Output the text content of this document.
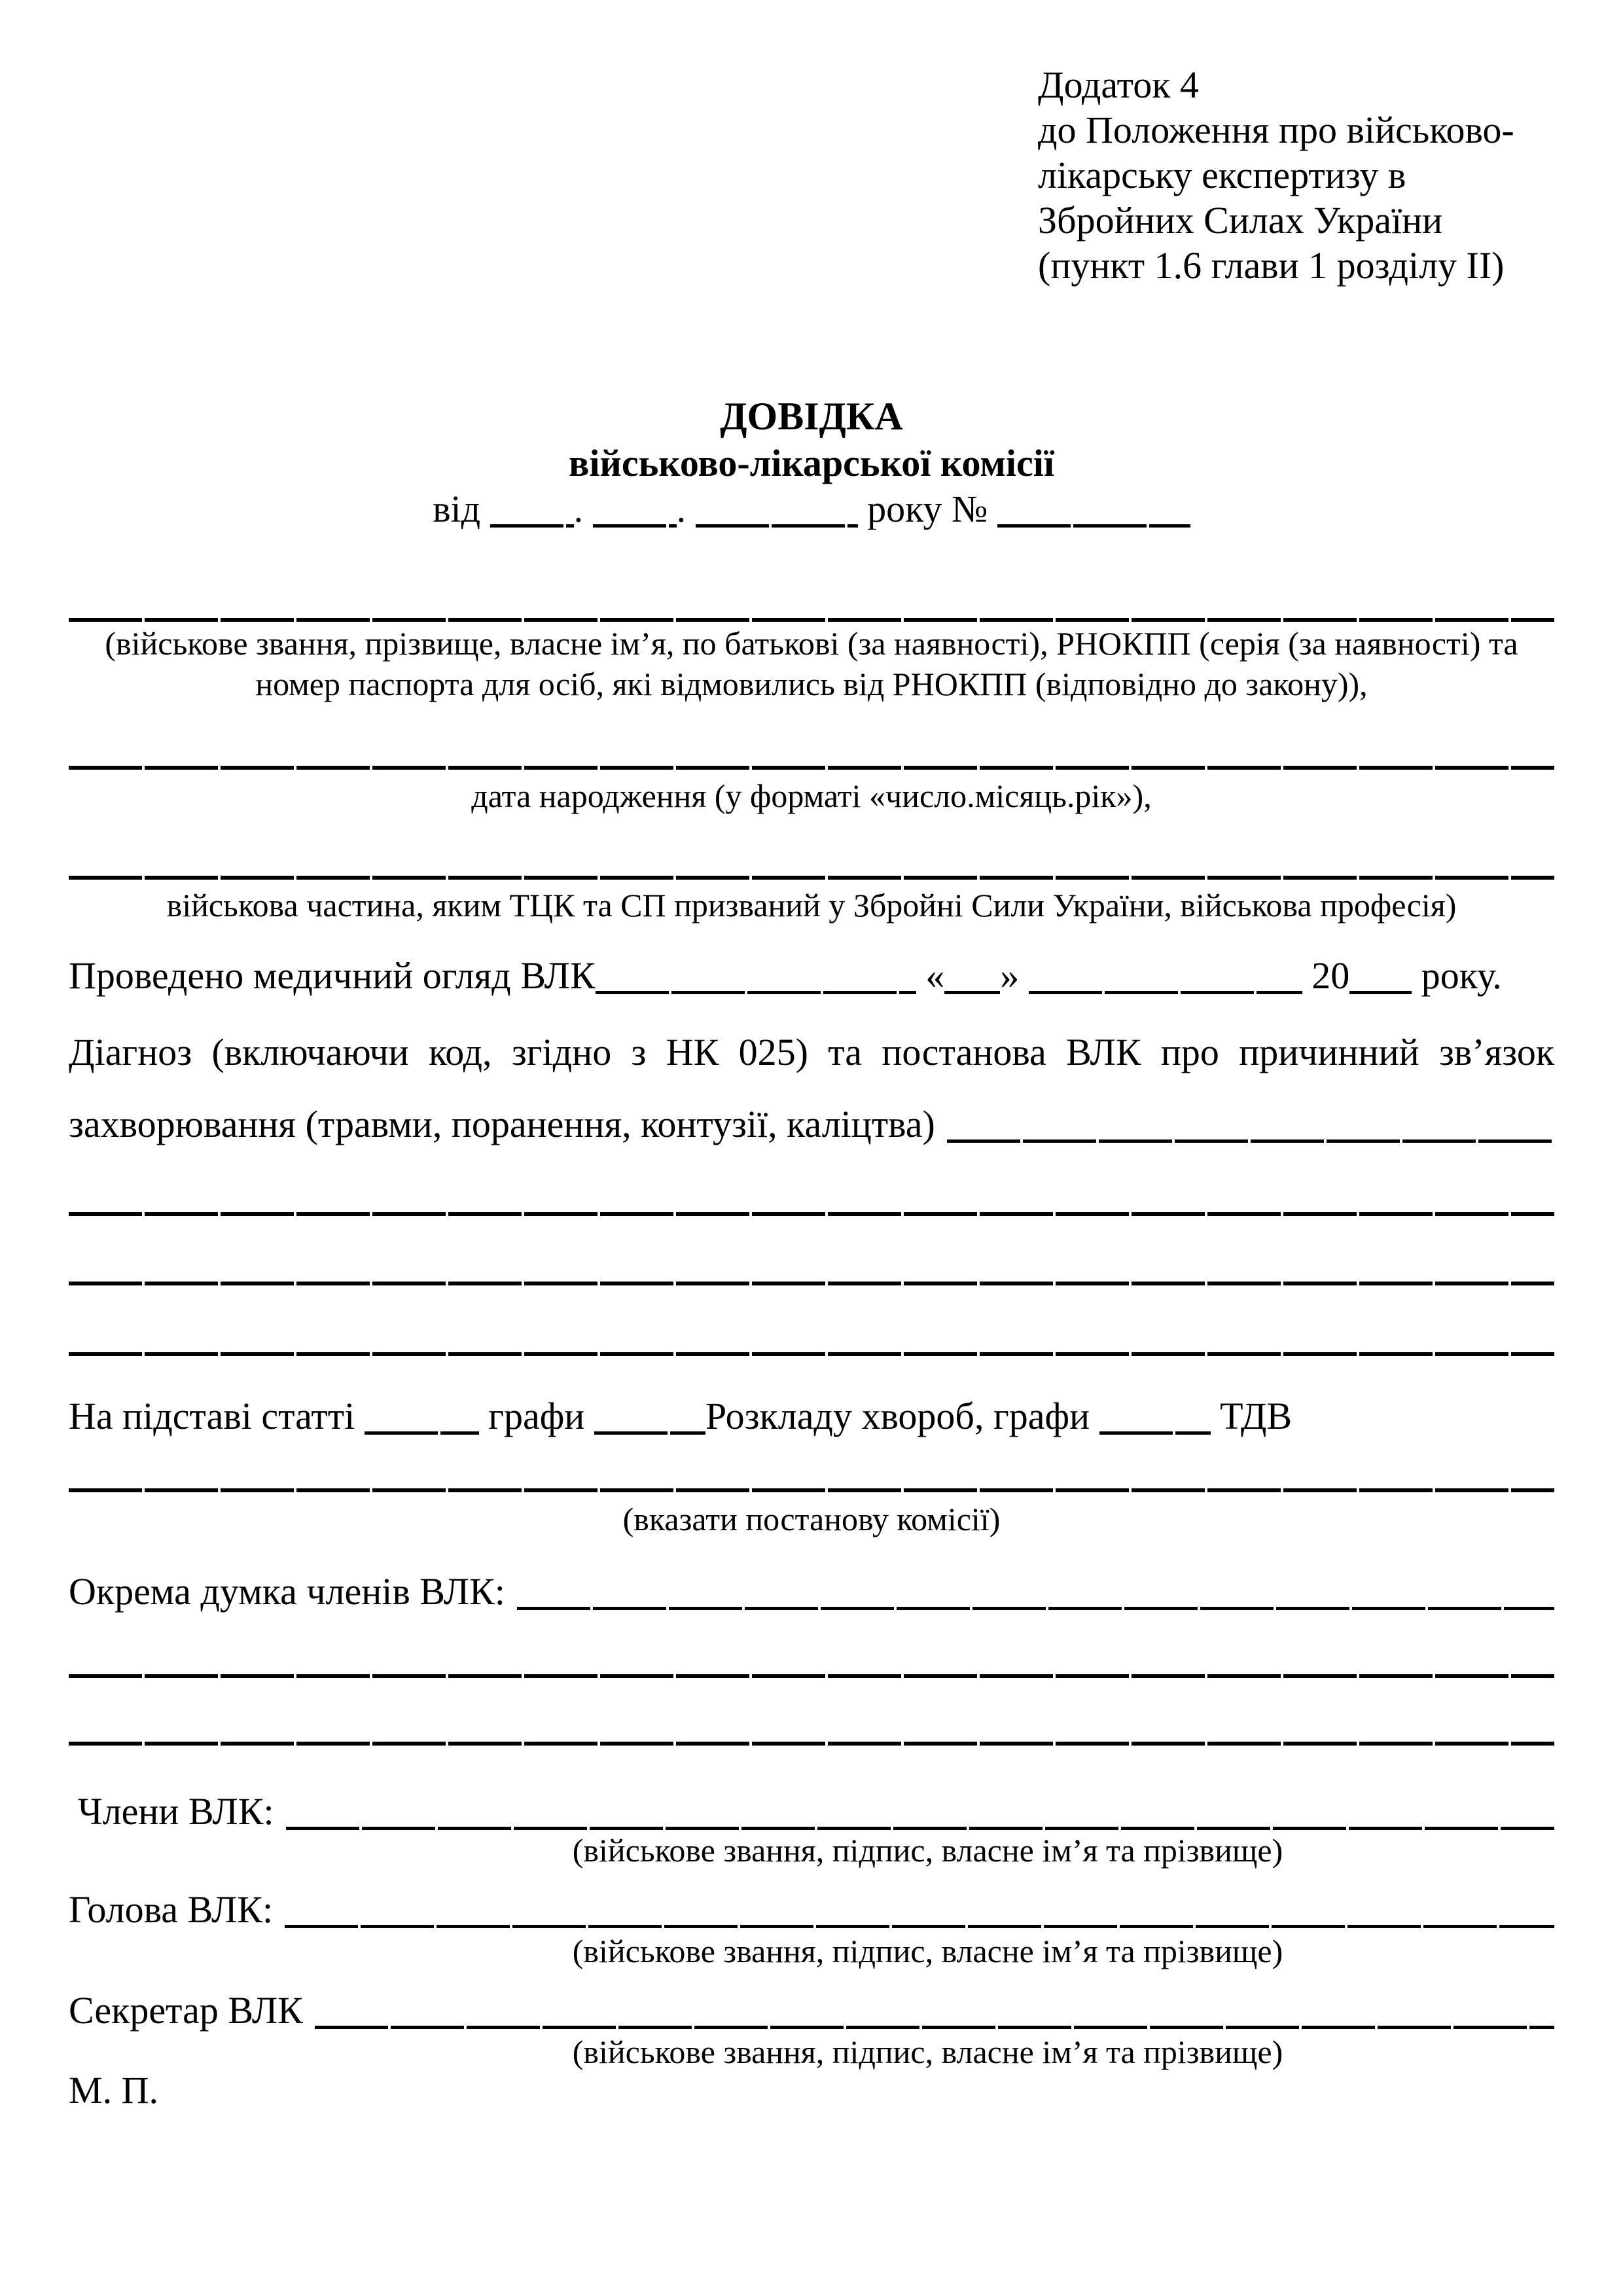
Додаток 4
до Положення про військово-
лікарську експертизу в
Збройних Силах України
(пункт 1.6 глави 1 розділу II)
ДОВІДКА
військово-лікарської комісії
від . .	року №
(військове звання, прізвище, власне ім’я, по батькові (за наявності), РНОКПП (серія (за наявності) та
номер паспорта для осіб, які відмовились від РНОКПП (відповідно до закону)),
дата народження (у форматі «число.місяць.рік»),
військова частина, яким ТЦК та СП призваний у Збройні Сили України, військова професія)
Проведено медичний огляд ВЛК	« »	20 року.
Діагноз (включаючи код, згідно з НК 025) та постанова ВЛК про причинний зв’язок
захворювання (травми, поранення, контузії, каліцтва)
На підставі статті	графи	Розкладу хвороб, графи	ТДВ
(вказати постанову комісії)
Окрема думка членів ВЛК:
Члени ВЛК:
(військове звання, підпис, власне ім’я та прізвище)
Голова ВЛК:
(військове звання, підпис, власне ім’я та прізвище)
Секретар ВЛК
(військове звання, підпис, власне ім’я та прізвище)
М. П.
